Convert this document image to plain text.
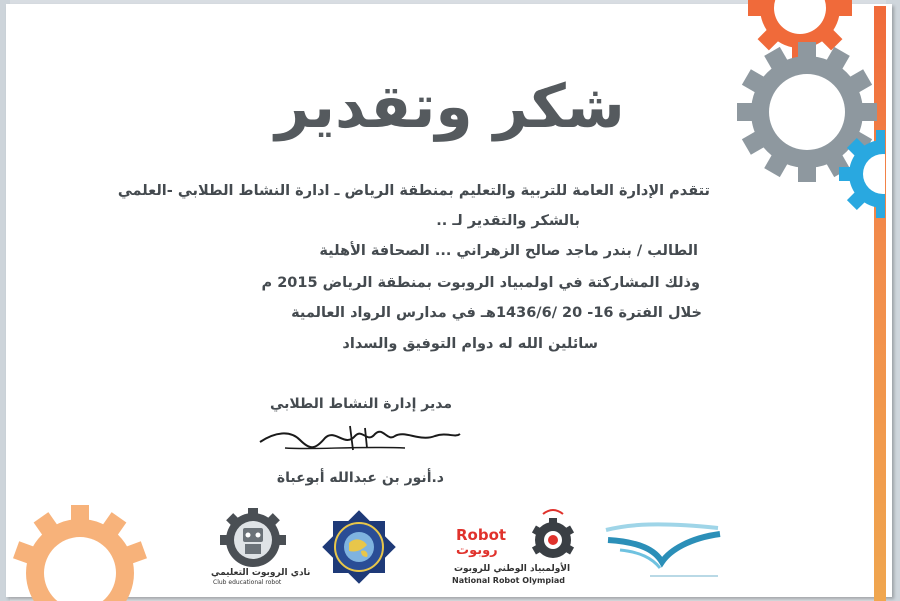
شكر وتقدير
تتقدم الإدارة العامة للتربية والتعليم بمنطقة الرياض ـ ادارة النشاط الطلابي -العلمي
بالشكر والتقدير لـ ..
الطالب / بندر ماجد صالح الزهراني ... الصحافة الأهلية
وذلك المشاركتة في اولمبياد الروبوت بمنطقة الرياض 2015 م
خلال الفترة 16- 20 /1436/6هـ في مدارس الرواد العالمية
سائلين الله له دوام التوفيق والسداد
مدير إدارة النشاط الطلابي
د.أنور بن عبدالله أبوعباة
نادي الروبوت التعليمي
Club educational robot
Robot
روبوت
الأولمبياد الوطني للروبوت
National Robot Olympiad
